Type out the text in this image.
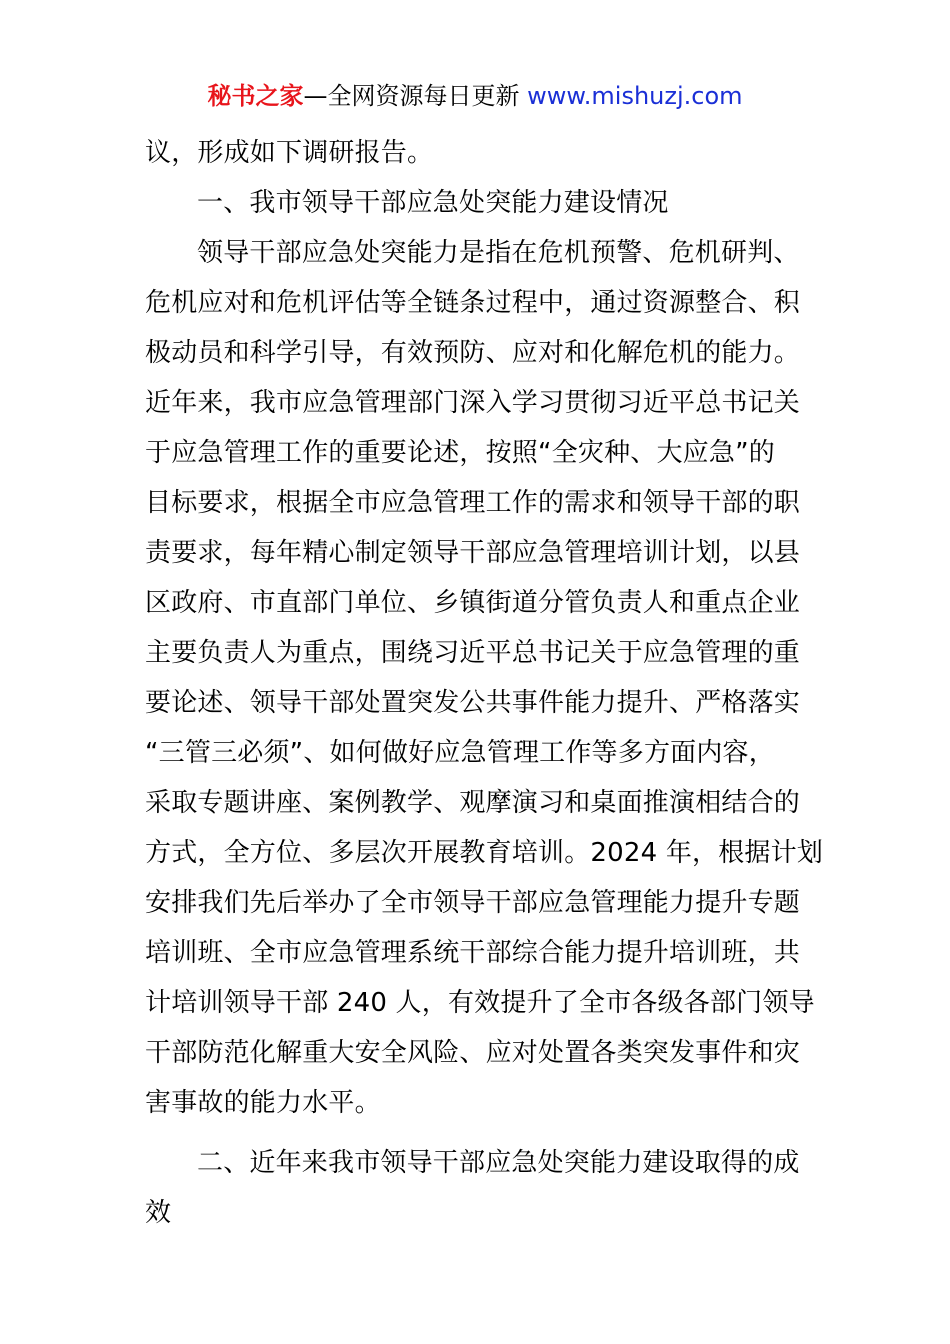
秘书之家—全网资源每日更新 www.mishuzj.com
议，形成如下调研报告。
一、我市领导干部应急处突能力建设情况
领导干部应急处突能力是指在危机预警、危机研判、
危机应对和危机评估等全链条过程中，通过资源整合、积
极动员和科学引导，有效预防、应对和化解危机的能力。
近年来，我市应急管理部门深入学习贯彻习近平总书记关
于应急管理工作的重要论述，按照“全灾种、大应急”的
目标要求，根据全市应急管理工作的需求和领导干部的职
责要求，每年精心制定领导干部应急管理培训计划，以县
区政府、市直部门单位、乡镇街道分管负责人和重点企业
主要负责人为重点，围绕习近平总书记关于应急管理的重
要论述、领导干部处置突发公共事件能力提升、严格落实
“三管三必须”、如何做好应急管理工作等多方面内容，
采取专题讲座、案例教学、观摩演习和桌面推演相结合的
方式，全方位、多层次开展教育培训。2024 年，根据计划
安排我们先后举办了全市领导干部应急管理能力提升专题
培训班、全市应急管理系统干部综合能力提升培训班，共
计培训领导干部 240 人，有效提升了全市各级各部门领导
干部防范化解重大安全风险、应对处置各类突发事件和灾
害事故的能力水平。
二、近年来我市领导干部应急处突能力建设取得的成
效
